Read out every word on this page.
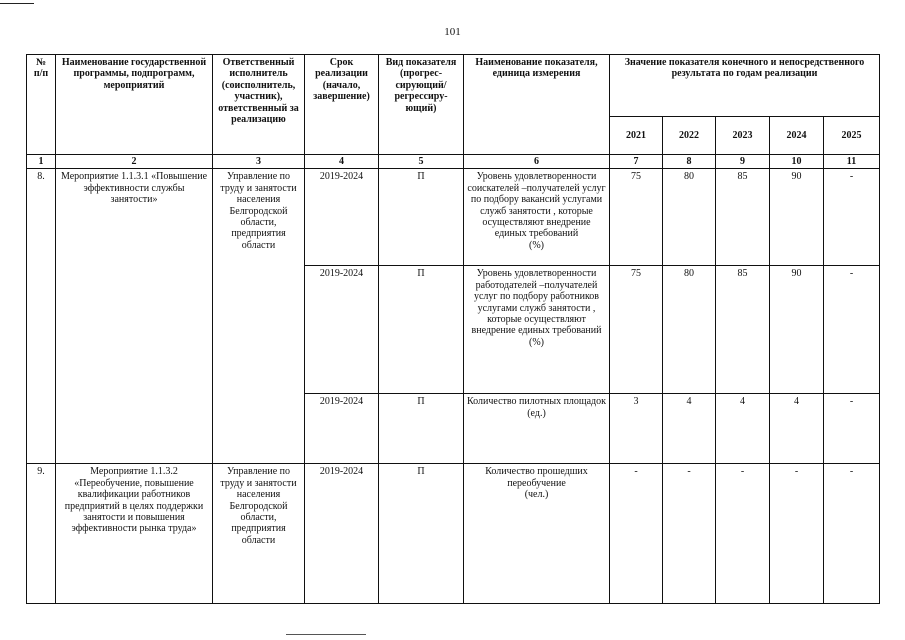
101
№
п/п	Наименование государственной программы, подпрограмм, мероприятий	Ответственный исполнитель (соисполнитель, участник), ответственный за реализацию	Срок реализации (начало, завершение)	Вид показателя (прогрес-сирующий/ регрессиру-ющий)	Наименование показателя, единица измерения	Значение показателя конечного и непосредственного результата по годам реализации				
						2021	2022	2023	2024	2025
1	2	3	4	5	6	7	8	9	10	11
8.	Мероприятие 1.1.3.1 «Повышение эффективности службы занятости»	Управление по труду и занятости населения Белгородской области, предприятия области	2019-2024	П	Уровень удовлетворенности соискателей –получателей услуг по подбору вакансий услугами служб занятости , которые осуществляют внедрение единых требований
(%)	75	80	85	90	-
			2019-2024	П	Уровень удовлетворенности работодателей –получателей услуг по подбору работников услугами служб занятости , которые осуществляют внедрение единых требований
(%)	75	80	85	90	-
			2019-2024	П	Количество пилотных площадок
(ед.)	3	4	4	4	-
9.	Мероприятие 1.1.3.2 «Переобучение, повышение квалификации работников предприятий в целях поддержки занятости и повышения эффективности рынка труда»	Управление по труду и занятости населения Белгородской области, предприятия области	2019-2024	П	Количество прошедших переобучение
(чел.)	-	-	-	-	-
